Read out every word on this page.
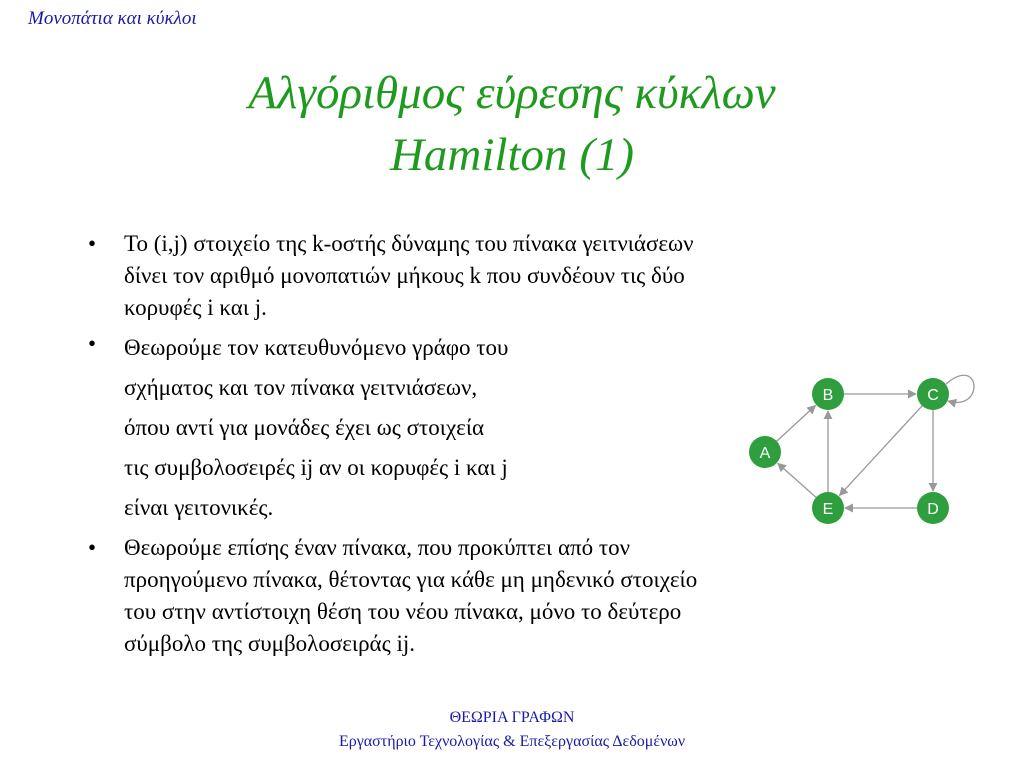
Μονοπάτια και κύκλοι
Αλγόριθμος εύρεσης κύκλων
Hamilton (1)
• Το (i,j) στοιχείο της k-οστής δύναμης του πίνακα γειτνιάσεων
δίνει τον αριθμό μονοπατιών μήκους k που συνδέουν τις δύο
κορυφές i και j.
• Θεωρούμε τον κατευθυνόμενο γράφο του
σχήματος και τον πίνακα γειτνιάσεων,
όπου αντί για μονάδες έχει ως στοιχεία
τις συμβολοσειρές ij αν οι κορυφές i και j
είναι γειτονικές.
• Θεωρούμε επίσης έναν πίνακα, που προκύπτει από τον
προηγούμενο πίνακα, θέτοντας για κάθε μη μηδενικό στοιχείο
του στην αντίστοιχη θέση του νέου πίνακα, μόνο το δεύτερο
σύμβολο της συμβολοσειράς ij.
A
B	C
D
E
ΘΕΩΡΙΑ ΓΡΑΦΩΝ
Εργαστήριο Τεχνολογίας & Επεξεργασίας Δεδομένων
